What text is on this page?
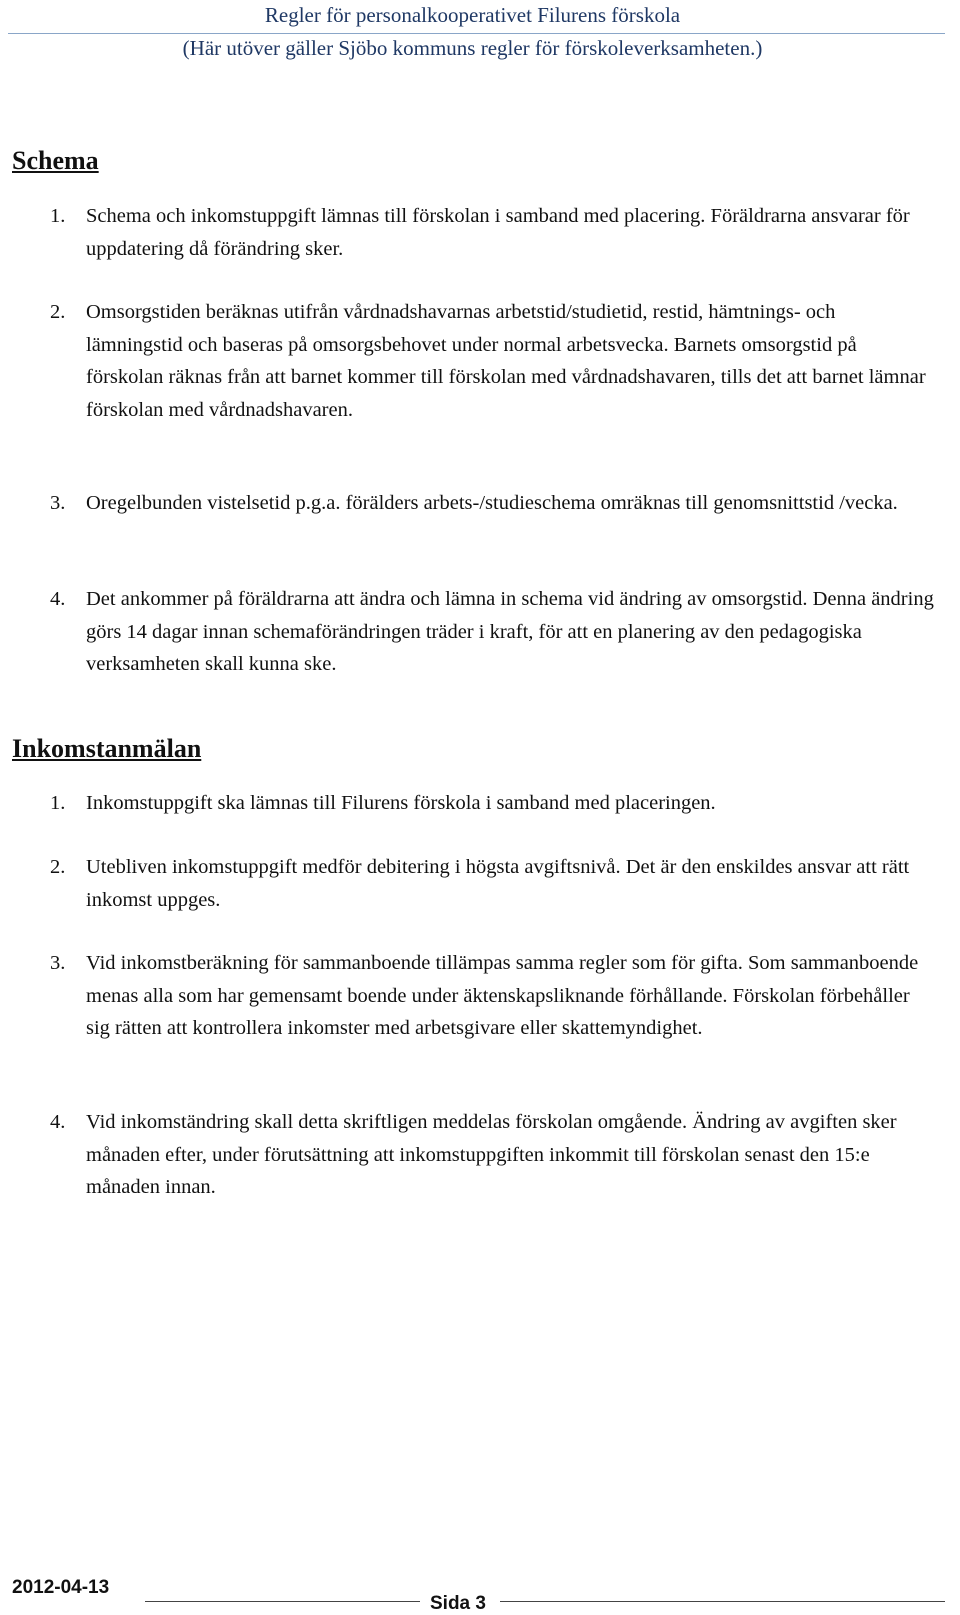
Regler för personalkooperativet Filurens förskola
(Här utöver gäller Sjöbo kommuns regler för förskoleverksamheten.)
Schema
1.	Schema och inkomstuppgift lämnas till förskolan i samband med placering. Föräldrarna ansvarar för uppdatering då förändring sker.
2.	Omsorgstiden beräknas utifrån vårdnadshavarnas arbetstid/studietid, restid, hämtnings- och lämningstid och baseras på omsorgsbehovet under normal arbetsvecka. Barnets omsorgstid på förskolan räknas från att barnet kommer till förskolan med vårdnadshavaren, tills det att barnet lämnar förskolan med vårdnadshavaren.
3.	Oregelbunden vistelsetid p.g.a. förälders arbets-/studieschema omräknas till genomsnittstid /vecka.
4.	Det ankommer på föräldrarna att ändra och lämna in schema vid ändring av omsorgstid. Denna ändring görs 14 dagar innan schemaförändringen träder i kraft, för att en planering av den pedagogiska verksamheten skall kunna ske.
Inkomstanmälan
1.	Inkomstuppgift ska lämnas till Filurens förskola i samband med placeringen.
2.	Utebliven inkomstuppgift medför debitering i högsta avgiftsnivå. Det är den enskildes ansvar att rätt inkomst uppges.
3.	Vid inkomstberäkning för sammanboende tillämpas samma regler som för gifta. Som sammanboende menas alla som har gemensamt boende under äktenskapsliknande förhållande. Förskolan förbehåller sig rätten att kontrollera inkomster med arbetsgivare eller skattemyndighet.
4.	Vid inkomständring skall detta skriftligen meddelas förskolan omgående. Ändring av avgiften sker månaden efter, under förutsättning att inkomstuppgiften inkommit till förskolan senast den 15:e månaden innan.
2012-04-13
Sida 3
